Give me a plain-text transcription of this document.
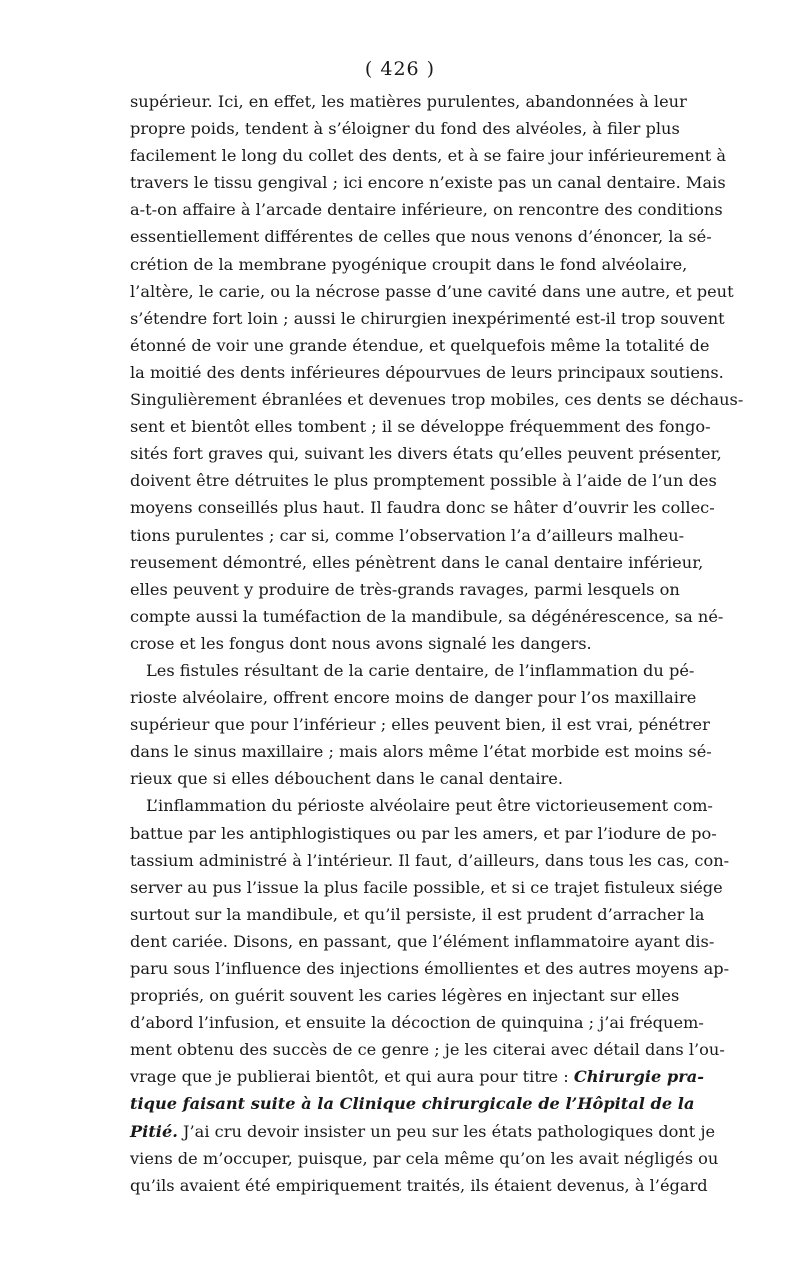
( 426 )
supérieur. Ici, en effet, les matières purulentes, abandonnées à leur
propre poids, tendent à s’éloigner du fond des alvéoles, à filer plus
facilement le long du collet des dents, et à se faire jour inférieurement à
travers le tissu gengival ; ici encore n’existe pas un canal dentaire. Mais
a-t-on affaire à l’arcade dentaire inférieure, on rencontre des conditions
essentiellement différentes de celles que nous venons d’énoncer, la sé-
crétion de la membrane pyogénique croupit dans le fond alvéolaire,
l’altère, le carie, ou la nécrose passe d’une cavité dans une autre, et peut
s’étendre fort loin ; aussi le chirurgien inexpérimenté est-il trop souvent
étonné de voir une grande étendue, et quelquefois même la totalité de
la moitié des dents inférieures dépourvues de leurs principaux soutiens.
Singulièrement ébranlées et devenues trop mobiles, ces dents se déchaus-
sent et bientôt elles tombent ; il se développe fréquemment des fongo-
sités fort graves qui, suivant les divers états qu’elles peuvent présenter,
doivent être détruites le plus promptement possible à l’aide de l’un des
moyens conseillés plus haut. Il faudra donc se hâter d’ouvrir les collec-
tions purulentes ; car si, comme l’observation l’a d’ailleurs malheu-
reusement démontré, elles pénètrent dans le canal dentaire inférieur,
elles peuvent y produire de très-grands ravages, parmi lesquels on
compte aussi la tuméfaction de la mandibule, sa dégénérescence, sa né-
crose et les fongus dont nous avons signalé les dangers.
Les fistules résultant de la carie dentaire, de l’inflammation du pé-
rioste alvéolaire, offrent encore moins de danger pour l’os maxillaire
supérieur que pour l’inférieur ; elles peuvent bien, il est vrai, pénétrer
dans le sinus maxillaire ; mais alors même l’état morbide est moins sé-
rieux que si elles débouchent dans le canal dentaire.
L’inflammation du périoste alvéolaire peut être victorieusement com-
battue par les antiphlogistiques ou par les amers, et par l’iodure de po-
tassium administré à l’intérieur. Il faut, d’ailleurs, dans tous les cas, con-
server au pus l’issue la plus facile possible, et si ce trajet fistuleux siége
surtout sur la mandibule, et qu’il persiste, il est prudent d’arracher la
dent cariée. Disons, en passant, que l’élément inflammatoire ayant dis-
paru sous l’influence des injections émollientes et des autres moyens ap-
propriés, on guérit souvent les caries légères en injectant sur elles
d’abord l’infusion, et ensuite la décoction de quinquina ; j’ai fréquem-
ment obtenu des succès de ce genre ; je les citerai avec détail dans l’ou-
vrage que je publierai bientôt, et qui aura pour titre : Chirurgie pra-
tique faisant suite à la Clinique chirurgicale de l’Hôpital de la
Pitié. J’ai cru devoir insister un peu sur les états pathologiques dont je
viens de m’occuper, puisque, par cela même qu’on les avait négligés ou
qu’ils avaient été empiriquement traités, ils étaient devenus, à l’égard
